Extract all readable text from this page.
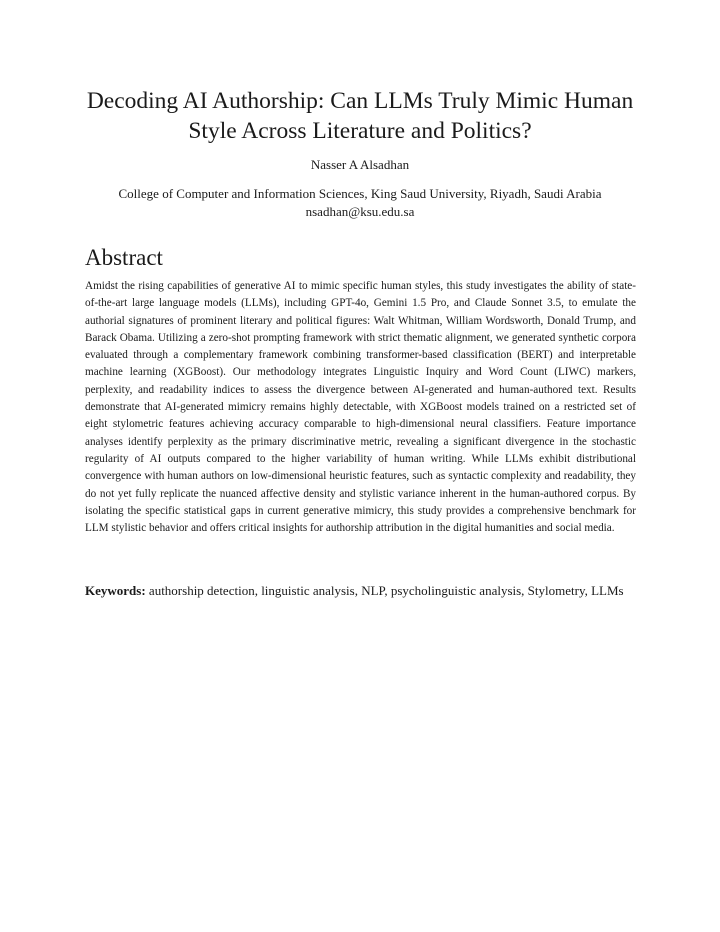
Decoding AI Authorship: Can LLMs Truly Mimic Human Style Across Literature and Politics?
Nasser A Alsadhan
College of Computer and Information Sciences, King Saud University, Riyadh, Saudi Arabia
nsadhan@ksu.edu.sa
Abstract

Amidst the rising capabilities of generative AI to mimic specific human styles, this study investigates the ability of state-of-the-art large language models (LLMs), including GPT-4o, Gemini 1.5 Pro, and Claude Sonnet 3.5, to emulate the authorial signatures of prominent literary and political figures: Walt Whitman, William Wordsworth, Donald Trump, and Barack Obama. Utilizing a zero-shot prompting framework with strict thematic alignment, we generated synthetic corpora evaluated through a complementary framework combining transformer-based classification (BERT) and interpretable machine learning (XGBoost). Our methodology integrates Linguistic Inquiry and Word Count (LIWC) markers, perplexity, and readability indices to assess the divergence between AI-generated and human-authored text. Results demonstrate that AI-generated mimicry remains highly detectable, with XGBoost models trained on a restricted set of eight stylometric features achieving accuracy comparable to high-dimensional neural classifiers. Feature importance analyses identify perplexity as the primary discriminative metric, revealing a significant divergence in the stochastic regularity of AI outputs compared to the higher variability of human writing. While LLMs exhibit distributional convergence with human authors on low-dimensional heuristic features, such as syntactic complexity and readability, they do not yet fully replicate the nuanced affective density and stylistic variance inherent in the human-authored corpus. By isolating the specific statistical gaps in current generative mimicry, this study provides a comprehensive benchmark for LLM stylistic behavior and offers critical insights for authorship attribution in the digital humanities and social media.

Keywords: authorship detection, linguistic analysis, NLP, psycholinguistic analysis, Stylometry, LLMs
